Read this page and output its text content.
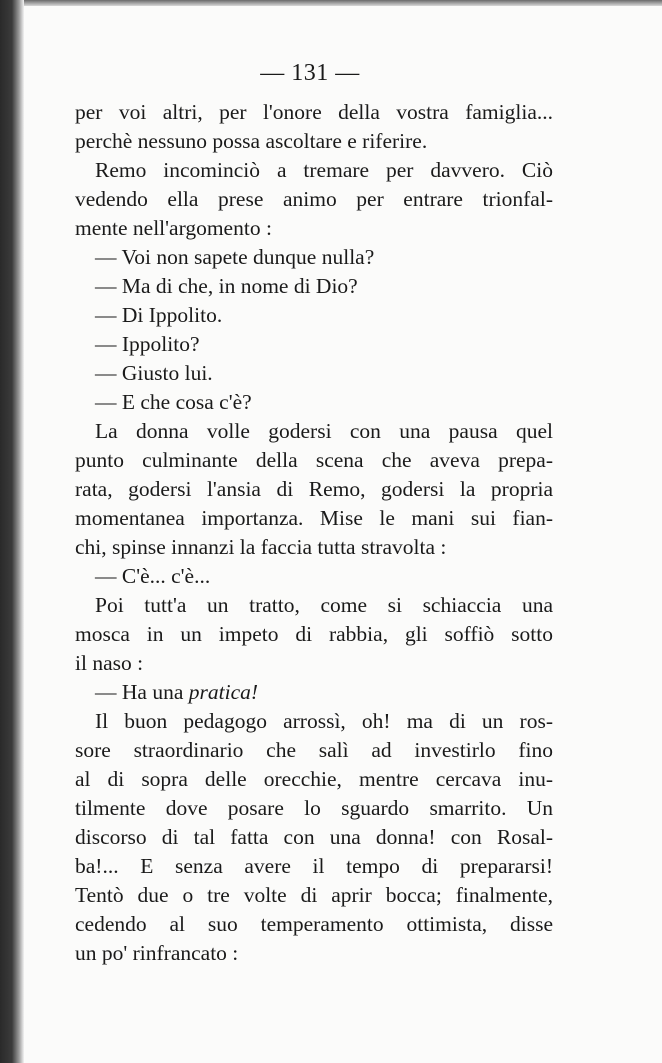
— 131 —
per voi altri, per l'onore della vostra famiglia...
perchè nessuno possa ascoltare e riferire.
Remo incominciò a tremare per davvero. Ciò
vedendo ella prese animo per entrare trionfal-
mente nell'argomento :
— Voi non sapete dunque nulla?
— Ma di che, in nome di Dio?
— Di Ippolito.
— Ippolito?
— Giusto lui.
— E che cosa c'è?
La donna volle godersi con una pausa quel
punto culminante della scena che aveva prepa-
rata, godersi l'ansia di Remo, godersi la propria
momentanea importanza. Mise le mani sui fian-
chi, spinse innanzi la faccia tutta stravolta :
— C'è... c'è...
Poi tutt'a un tratto, come si schiaccia una
mosca in un impeto di rabbia, gli soffiò sotto
il naso :
— Ha una pratica!
Il buon pedagogo arrossì, oh! ma di un ros-
sore straordinario che salì ad investirlo fino
al di sopra delle orecchie, mentre cercava inu-
tilmente dove posare lo sguardo smarrito. Un
discorso di tal fatta con una donna! con Rosal-
ba!... E senza avere il tempo di prepararsi!
Tentò due o tre volte di aprir bocca; finalmente,
cedendo al suo temperamento ottimista, disse
un po' rinfrancato :
